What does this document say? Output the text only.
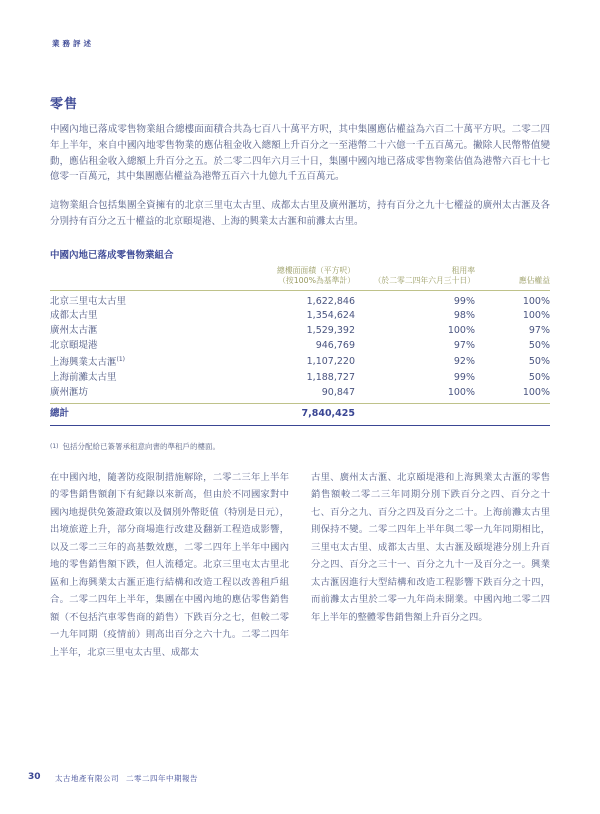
業務評述
零售

中國內地已落成零售物業組合總樓面面積合共為七百八十萬平方呎，其中集團應佔權益為六百二十萬平方呎。二零二四年上半年，來自中國內地零售物業的應佔租金收入總額上升百分之一至港幣二十六億一千五百萬元。撇除人民幣幣值變動，應佔租金收入總額上升百分之五。於二零二四年六月三十日，集團中國內地已落成零售物業估值為港幣六百七十七億零一百萬元，其中集團應佔權益為港幣五百六十九億九千五百萬元。

這物業組合包括集團全資擁有的北京三里屯太古里、成都太古里及廣州滙坊，持有百分之九十七權益的廣州太古滙及各分別持有百分之五十權益的北京頤堤港、上海的興業太古滙和前灘太古里。

中國內地已落成零售物業組合
	總樓面面積（平方呎）
（按100%為基準計）	租用率
（於二零二四年六月三十日）	應佔權益
北京三里屯太古里	1,622,846	99%	100%
成都太古里	1,354,624	98%	100%
廣州太古滙	1,529,392	100%	97%
北京頤堤港	946,769	97%	50%
上海興業太古滙$^{(1)}$	1,107,220	92%	50%
上海前灘太古里	1,188,727	99%	50%
廣州滙坊	90,847	100%	100%
總計	7,840,425		
(1) 包括分配給已簽署承租意向書的準租戶的樓面。
在中國內地，隨著防疫限制措施解除，二零二三年上半年的零售銷售額創下有紀錄以來新高，但由於不同國家對中國內地提供免簽證政策以及個別外幣貶值（特別是日元），出境旅遊上升，部分商場進行改建及翻新工程造成影響，以及二零二三年的高基數效應，二零二四年上半年中國內地的零售銷售額下跌，但人流穩定。北京三里屯太古里北區和上海興業太古滙正進行結構和改造工程以改善租戶組合。二零二四年上半年，集團在中國內地的應佔零售銷售額（不包括汽車零售商的銷售）下跌百分之七，但較二零一九年同期（疫情前）則高出百分之六十九。二零二四年上半年，北京三里屯太古里、成都太
古里、廣州太古滙、北京頤堤港和上海興業太古滙的零售銷售額較二零二三年同期分別下跌百分之四、百分之十七、百分之九、百分之四及百分之二十。上海前灘太古里則保持不變。二零二四年上半年與二零一九年同期相比，三里屯太古里、成都太古里、太古滙及頤堤港分別上升百分之四、百分之三十一、百分之九十一及百分之一。興業太古滙因進行大型結構和改造工程影響下跌百分之十四，而前灘太古里於二零一九年尚未開業。中國內地二零二四年上半年的整體零售銷售額上升百分之四。
30 太古地產有限公司 二零二四年中期報告
